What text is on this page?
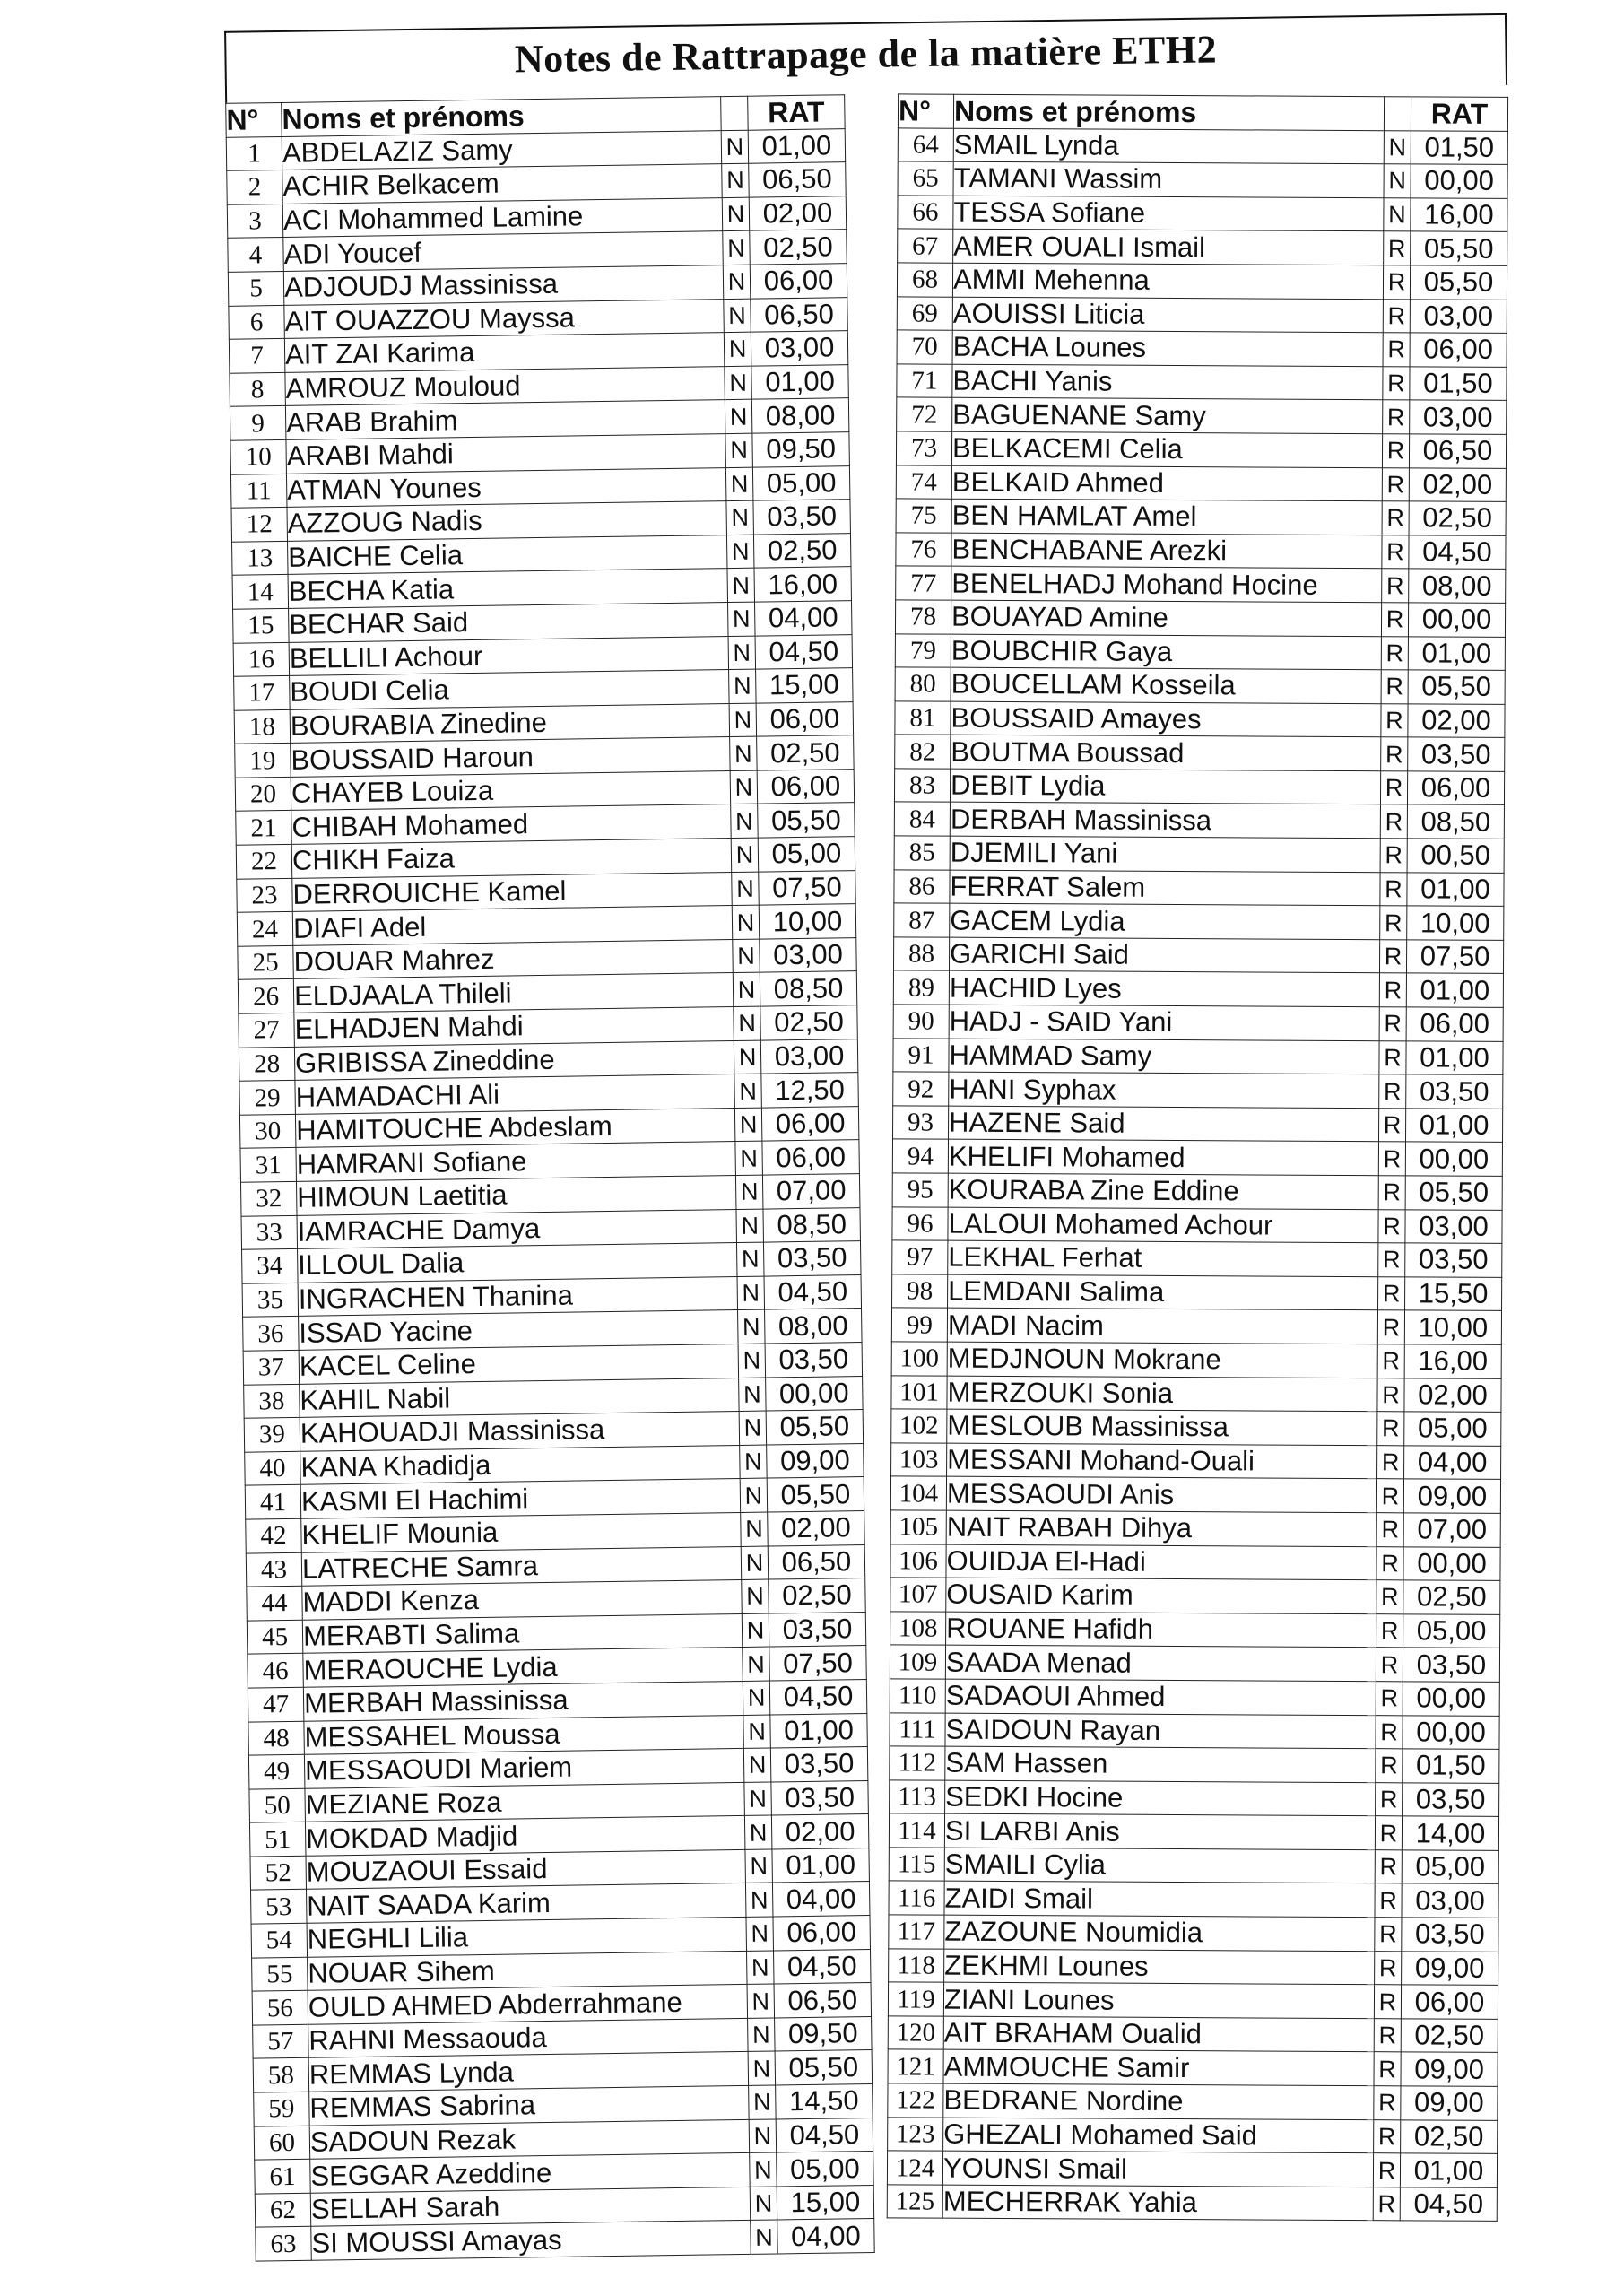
Notes de Rattrapage de la matière ETH2
N°	Noms et prénoms		RAT
1	ABDELAZIZ Samy	N	01,00
2	ACHIR Belkacem	N	06,50
3	ACI Mohammed Lamine	N	02,00
4	ADI Youcef	N	02,50
5	ADJOUDJ Massinissa	N	06,00
6	AIT OUAZZOU Mayssa	N	06,50
7	AIT ZAI Karima	N	03,00
8	AMROUZ Mouloud	N	01,00
9	ARAB Brahim	N	08,00
10	ARABI Mahdi	N	09,50
11	ATMAN Younes	N	05,00
12	AZZOUG Nadis	N	03,50
13	BAICHE Celia	N	02,50
14	BECHA Katia	N	16,00
15	BECHAR Said	N	04,00
16	BELLILI Achour	N	04,50
17	BOUDI Celia	N	15,00
18	BOURABIA Zinedine	N	06,00
19	BOUSSAID Haroun	N	02,50
20	CHAYEB Louiza	N	06,00
21	CHIBAH Mohamed	N	05,50
22	CHIKH Faiza	N	05,00
23	DERROUICHE Kamel	N	07,50
24	DIAFI Adel	N	10,00
25	DOUAR Mahrez	N	03,00
26	ELDJAALA Thileli	N	08,50
27	ELHADJEN Mahdi	N	02,50
28	GRIBISSA Zineddine	N	03,00
29	HAMADACHI Ali	N	12,50
30	HAMITOUCHE Abdeslam	N	06,00
31	HAMRANI Sofiane	N	06,00
32	HIMOUN Laetitia	N	07,00
33	IAMRACHE Damya	N	08,50
34	ILLOUL Dalia	N	03,50
35	INGRACHEN Thanina	N	04,50
36	ISSAD Yacine	N	08,00
37	KACEL Celine	N	03,50
38	KAHIL Nabil	N	00,00
39	KAHOUADJI Massinissa	N	05,50
40	KANA Khadidja	N	09,00
41	KASMI El Hachimi	N	05,50
42	KHELIF Mounia	N	02,00
43	LATRECHE Samra	N	06,50
44	MADDI Kenza	N	02,50
45	MERABTI Salima	N	03,50
46	MERAOUCHE Lydia	N	07,50
47	MERBAH Massinissa	N	04,50
48	MESSAHEL Moussa	N	01,00
49	MESSAOUDI Mariem	N	03,50
50	MEZIANE Roza	N	03,50
51	MOKDAD Madjid	N	02,00
52	MOUZAOUI Essaid	N	01,00
53	NAIT SAADA Karim	N	04,00
54	NEGHLI Lilia	N	06,00
55	NOUAR Sihem	N	04,50
56	OULD AHMED Abderrahmane	N	06,50
57	RAHNI Messaouda	N	09,50
58	REMMAS Lynda	N	05,50
59	REMMAS Sabrina	N	14,50
60	SADOUN Rezak	N	04,50
61	SEGGAR Azeddine	N	05,00
62	SELLAH Sarah	N	15,00
63	SI MOUSSI Amayas	N	04,00
N°	Noms et prénoms		RAT
64	SMAIL Lynda	N	01,50
65	TAMANI Wassim	N	00,00
66	TESSA Sofiane	N	16,00
67	AMER OUALI Ismail	R	05,50
68	AMMI Mehenna	R	05,50
69	AOUISSI Liticia	R	03,00
70	BACHA Lounes	R	06,00
71	BACHI Yanis	R	01,50
72	BAGUENANE Samy	R	03,00
73	BELKACEMI Celia	R	06,50
74	BELKAID Ahmed	R	02,00
75	BEN HAMLAT Amel	R	02,50
76	BENCHABANE Arezki	R	04,50
77	BENELHADJ Mohand Hocine	R	08,00
78	BOUAYAD Amine	R	00,00
79	BOUBCHIR Gaya	R	01,00
80	BOUCELLAM Kosseila	R	05,50
81	BOUSSAID Amayes	R	02,00
82	BOUTMA Boussad	R	03,50
83	DEBIT Lydia	R	06,00
84	DERBAH Massinissa	R	08,50
85	DJEMILI Yani	R	00,50
86	FERRAT Salem	R	01,00
87	GACEM Lydia	R	10,00
88	GARICHI Said	R	07,50
89	HACHID Lyes	R	01,00
90	HADJ - SAID Yani	R	06,00
91	HAMMAD Samy	R	01,00
92	HANI Syphax	R	03,50
93	HAZENE Said	R	01,00
94	KHELIFI Mohamed	R	00,00
95	KOURABA Zine Eddine	R	05,50
96	LALOUI Mohamed Achour	R	03,00
97	LEKHAL Ferhat	R	03,50
98	LEMDANI Salima	R	15,50
99	MADI Nacim	R	10,00
100	MEDJNOUN Mokrane	R	16,00
101	MERZOUKI Sonia	R	02,00
102	MESLOUB Massinissa	R	05,00
103	MESSANI Mohand-Ouali	R	04,00
104	MESSAOUDI Anis	R	09,00
105	NAIT RABAH Dihya	R	07,00
106	OUIDJA El-Hadi	R	00,00
107	OUSAID Karim	R	02,50
108	ROUANE Hafidh	R	05,00
109	SAADA Menad	R	03,50
110	SADAOUI Ahmed	R	00,00
111	SAIDOUN Rayan	R	00,00
112	SAM Hassen	R	01,50
113	SEDKI Hocine	R	03,50
114	SI LARBI Anis	R	14,00
115	SMAILI Cylia	R	05,00
116	ZAIDI Smail	R	03,00
117	ZAZOUNE Noumidia	R	03,50
118	ZEKHMI Lounes	R	09,00
119	ZIANI Lounes	R	06,00
120	AIT BRAHAM Oualid	R	02,50
121	AMMOUCHE Samir	R	09,00
122	BEDRANE Nordine	R	09,00
123	GHEZALI Mohamed Said	R	02,50
124	YOUNSI Smail	R	01,00
125	MECHERRAK Yahia	R	04,50
